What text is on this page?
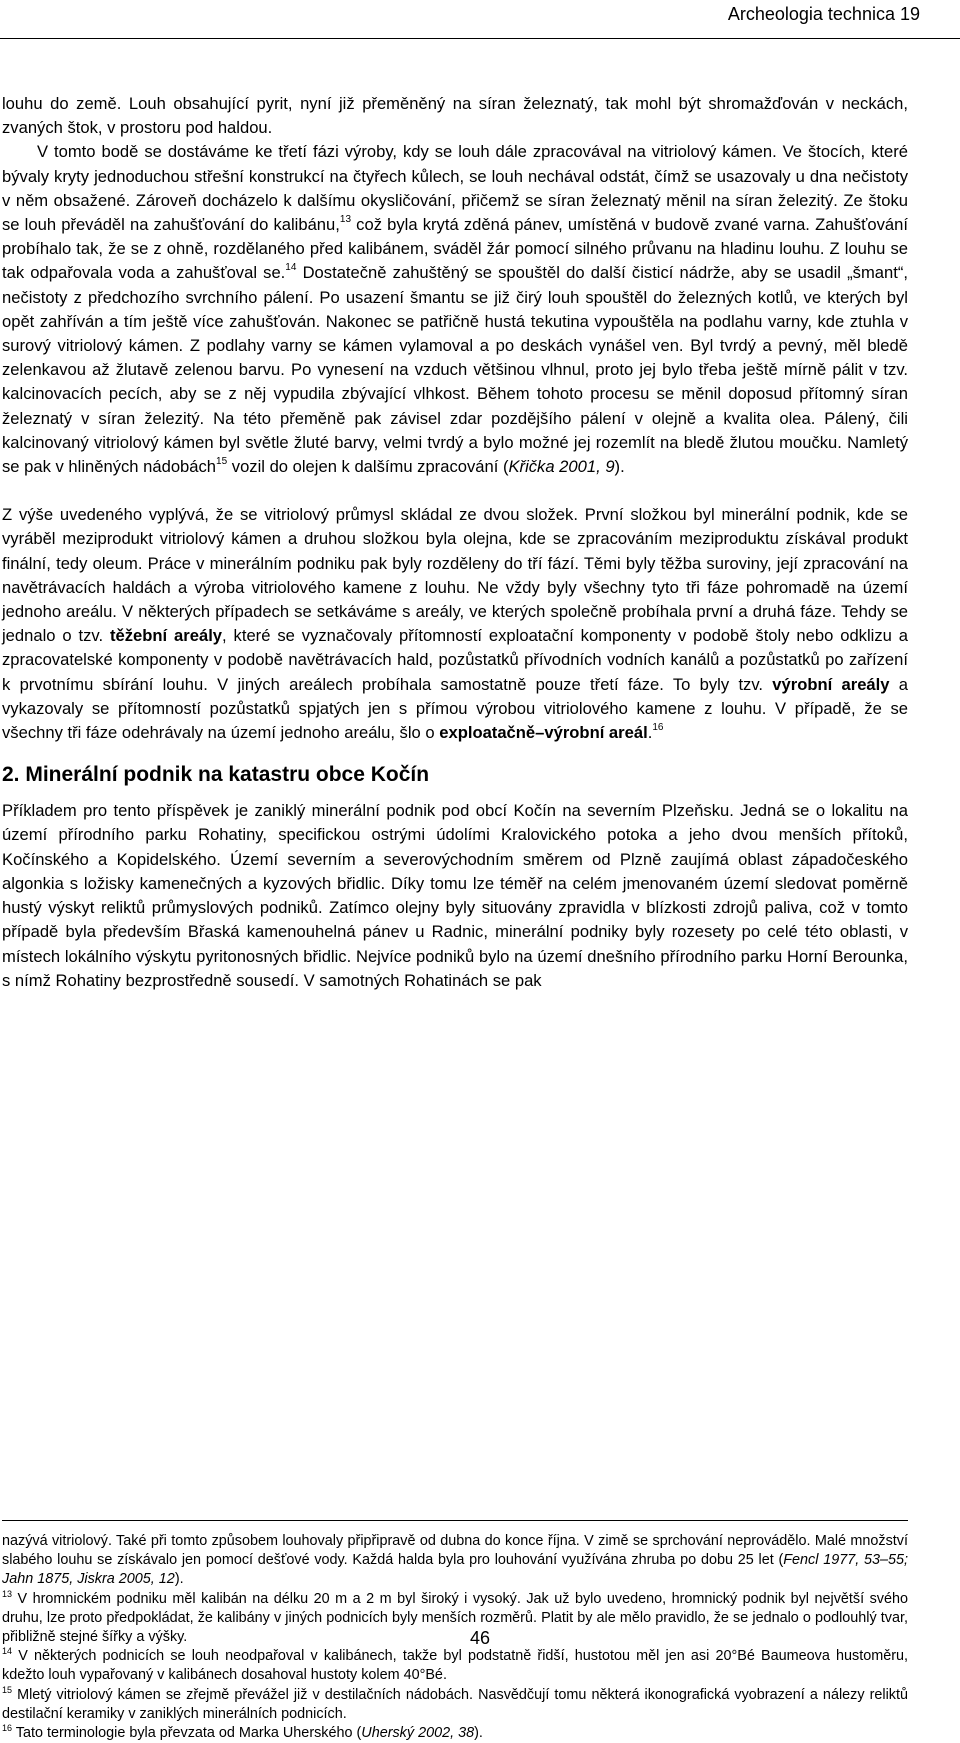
Archeologia technica 19

louhu do země. Louh obsahující pyrit, nyní již přeměněný na síran železnatý, tak mohl být shromažďován v neckách, zvaných štok, v prostoru pod haldou.

V tomto bodě se dostáváme ke třetí fázi výroby, kdy se louh dále zpracovával na vitriolový kámen. Ve štocích, které bývaly kryty jednoduchou střešní konstrukcí na čtyřech kůlech, se louh nechával odstát, čímž se usazovaly u dna nečistoty v něm obsažené. Zároveň docházelo k dalšímu okysličování, přičemž se síran železnatý měnil na síran železitý. Ze štoku se louh převáděl na zahušťování do kalibánu,$^{13}$ což byla krytá zděná pánev, umístěná v budově zvané varna. Zahušťování probíhalo tak, že se z ohně, rozdělaného před kalibánem, sváděl žár pomocí silného průvanu na hladinu louhu. Z louhu se tak odpařovala voda a zahušťoval se.$^{14}$ Dostatečně zahuštěný se spouštěl do další čisticí nádrže, aby se usadil „šmant“, nečistoty z předchozího svrchního pálení. Po usazení šmantu se již čirý louh spouštěl do železných kotlů, ve kterých byl opět zahříván a tím ještě více zahušťován. Nakonec se patřičně hustá tekutina vypouštěla na podlahu varny, kde ztuhla v surový vitriolový kámen. Z podlahy varny se kámen vylamoval a po deskách vynášel ven. Byl tvrdý a pevný, měl bledě zelenkavou až žlutavě zelenou barvu. Po vynesení na vzduch většinou vlhnul, proto jej bylo třeba ještě mírně pálit v tzv. kalcinovacích pecích, aby se z něj vypudila zbývající vlhkost. Během tohoto procesu se měnil doposud přítomný síran železnatý v síran železitý. Na této přeměně pak závisel zdar pozdějšího pálení v olejně a kvalita olea. Pálený, čili kalcinovaný vitriolový kámen byl světle žluté barvy, velmi tvrdý a bylo možné jej rozemlít na bledě žlutou moučku. Namletý se pak v hliněných nádobách$^{15}$ vozil do olejen k dalšímu zpracování (Křička 2001, 9).

Z výše uvedeného vyplývá, že se vitriolový průmysl skládal ze dvou složek. První složkou byl minerální podnik, kde se vyráběl meziprodukt vitriolový kámen a druhou složkou byla olejna, kde se zpracováním meziproduktu získával produkt finální, tedy oleum. Práce v minerálním podniku pak byly rozděleny do tří fází. Těmi byly těžba suroviny, její zpracování na navětrávacích haldách a výroba vitriolového kamene z louhu. Ne vždy byly všechny tyto tři fáze pohromadě na území jednoho areálu. V některých případech se setkáváme s areály, ve kterých společně probíhala první a druhá fáze. Tehdy se jednalo o tzv. těžební areály, které se vyznačovaly přítomností exploatační komponenty v podobě štoly nebo odklizu a zpracovatelské komponenty v podobě navětrávacích hald, pozůstatků přívodních vodních kanálů a pozůstatků po zařízení k prvotnímu sbírání louhu. V jiných areálech probíhala samostatně pouze třetí fáze. To byly tzv. výrobní areály a vykazovaly se přítomností pozůstatků spjatých jen s přímou výrobou vitriolového kamene z louhu. V případě, že se všechny tři fáze odehrávaly na území jednoho areálu, šlo o exploatačně–výrobní areál.$^{16}$

2. Minerální podnik na katastru obce Kočín

Příkladem pro tento příspěvek je zaniklý minerální podnik pod obcí Kočín na severním Plzeňsku. Jedná se o lokalitu na území přírodního parku Rohatiny, specifickou ostrými údolími Kralovického potoka a jeho dvou menších přítoků, Kočínského a Kopidelského. Území severním a severovýchodním směrem od Plzně zaujímá oblast západočeského algonkia s ložisky kamenečných a kyzových břidlic. Díky tomu lze téměř na celém jmenovaném území sledovat poměrně hustý výskyt reliktů průmyslových podniků. Zatímco olejny byly situovány zpravidla v blízkosti zdrojů paliva, což v tomto případě byla především Břaská kamenouhelná pánev u Radnic, minerální podniky byly rozesety po celé této oblasti, v místech lokálního výskytu pyritonosných břidlic. Nejvíce podniků bylo na území dnešního přírodního parku Horní Berounka, s nímž Rohatiny bezprostředně sousedí. V samotných Rohatinách se pak

nazývá vitriolový. Také při tomto způsobem louhovaly připřipravě od dubna do konce října. V zimě se sprchování neprovádělo. Malé množství slabého louhu se získávalo jen pomocí dešťové vody. Každá halda byla pro louhování využívána zhruba po dobu 25 let (Fencl 1977, 53–55; Jahn 1875, Jiskra 2005, 12).

$^{13}$ V hromnickém podniku měl kalibán na délku 20 m a 2 m byl široký i vysoký. Jak už bylo uvedeno, hromnický podnik byl největší svého druhu, lze proto předpokládat, že kalibány v jiných podnicích byly menších rozměrů. Platit by ale mělo pravidlo, že se jednalo o podlouhlý tvar, přibližně stejné šířky a výšky.

$^{14}$ V některých podnicích se louh neodpařoval v kalibánech, takže byl podstatně řidší, hustotou měl jen asi 20°Bé Baumeova hustoměru, kdežto louh vypařovaný v kalibánech dosahoval hustoty kolem 40°Bé.

$^{15}$ Mletý vitriolový kámen se zřejmě převážel již v destilačních nádobách. Nasvědčují tomu některá ikonografická vyobrazení a nálezy reliktů destilační keramiky v zaniklých minerálních podnicích.

$^{16}$ Tato terminologie byla převzata od Marka Uherského (Uherský 2002, 38).

46
